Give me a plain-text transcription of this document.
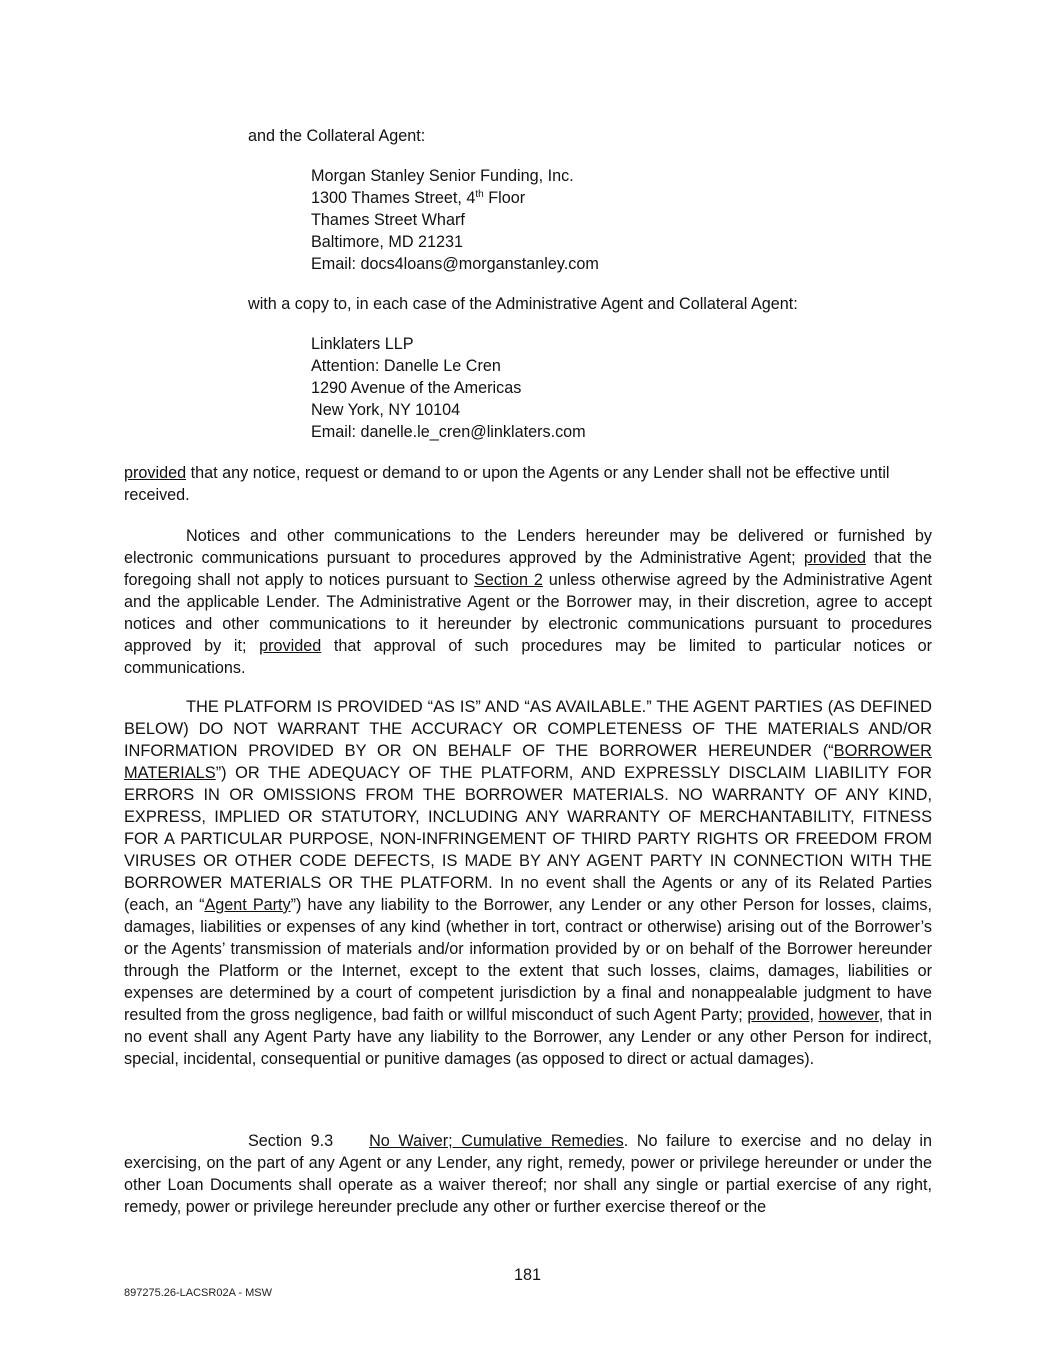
and the Collateral Agent:
Morgan Stanley Senior Funding, Inc.
1300 Thames Street, 4th Floor
Thames Street Wharf
Baltimore, MD 21231
Email: docs4loans@morganstanley.com
with a copy to, in each case of the Administrative Agent and Collateral Agent:
Linklaters LLP
Attention: Danelle Le Cren
1290 Avenue of the Americas
New York, NY 10104
Email: danelle.le_cren@linklaters.com
provided that any notice, request or demand to or upon the Agents or any Lender shall not be effective until received.
Notices and other communications to the Lenders hereunder may be delivered or furnished by electronic communications pursuant to procedures approved by the Administrative Agent; provided that the foregoing shall not apply to notices pursuant to Section 2 unless otherwise agreed by the Administrative Agent and the applicable Lender. The Administrative Agent or the Borrower may, in their discretion, agree to accept notices and other communications to it hereunder by electronic communications pursuant to procedures approved by it; provided that approval of such procedures may be limited to particular notices or communications.
THE PLATFORM IS PROVIDED “AS IS” AND “AS AVAILABLE.” THE AGENT PARTIES (AS DEFINED BELOW) DO NOT WARRANT THE ACCURACY OR COMPLETENESS OF THE MATERIALS AND/OR INFORMATION PROVIDED BY OR ON BEHALF OF THE BORROWER HEREUNDER (“BORROWER MATERIALS”) OR THE ADEQUACY OF THE PLATFORM, AND EXPRESSLY DISCLAIM LIABILITY FOR ERRORS IN OR OMISSIONS FROM THE BORROWER MATERIALS. NO WARRANTY OF ANY KIND, EXPRESS, IMPLIED OR STATUTORY, INCLUDING ANY WARRANTY OF MERCHANTABILITY, FITNESS FOR A PARTICULAR PURPOSE, NON-INFRINGEMENT OF THIRD PARTY RIGHTS OR FREEDOM FROM VIRUSES OR OTHER CODE DEFECTS, IS MADE BY ANY AGENT PARTY IN CONNECTION WITH THE BORROWER MATERIALS OR THE PLATFORM. In no event shall the Agents or any of its Related Parties (each, an “Agent Party”) have any liability to the Borrower, any Lender or any other Person for losses, claims, damages, liabilities or expenses of any kind (whether in tort, contract or otherwise) arising out of the Borrower’s or the Agents’ transmission of materials and/or information provided by or on behalf of the Borrower hereunder through the Platform or the Internet, except to the extent that such losses, claims, damages, liabilities or expenses are determined by a court of competent jurisdiction by a final and nonappealable judgment to have resulted from the gross negligence, bad faith or willful misconduct of such Agent Party; provided, however, that in no event shall any Agent Party have any liability to the Borrower, any Lender or any other Person for indirect, special, incidental, consequential or punitive damages (as opposed to direct or actual damages).
Section 9.3 No Waiver; Cumulative Remedies. No failure to exercise and no delay in exercising, on the part of any Agent or any Lender, any right, remedy, power or privilege hereunder or under the other Loan Documents shall operate as a waiver thereof; nor shall any single or partial exercise of any right, remedy, power or privilege hereunder preclude any other or further exercise thereof or the
181
897275.26-LACSR02A - MSW
